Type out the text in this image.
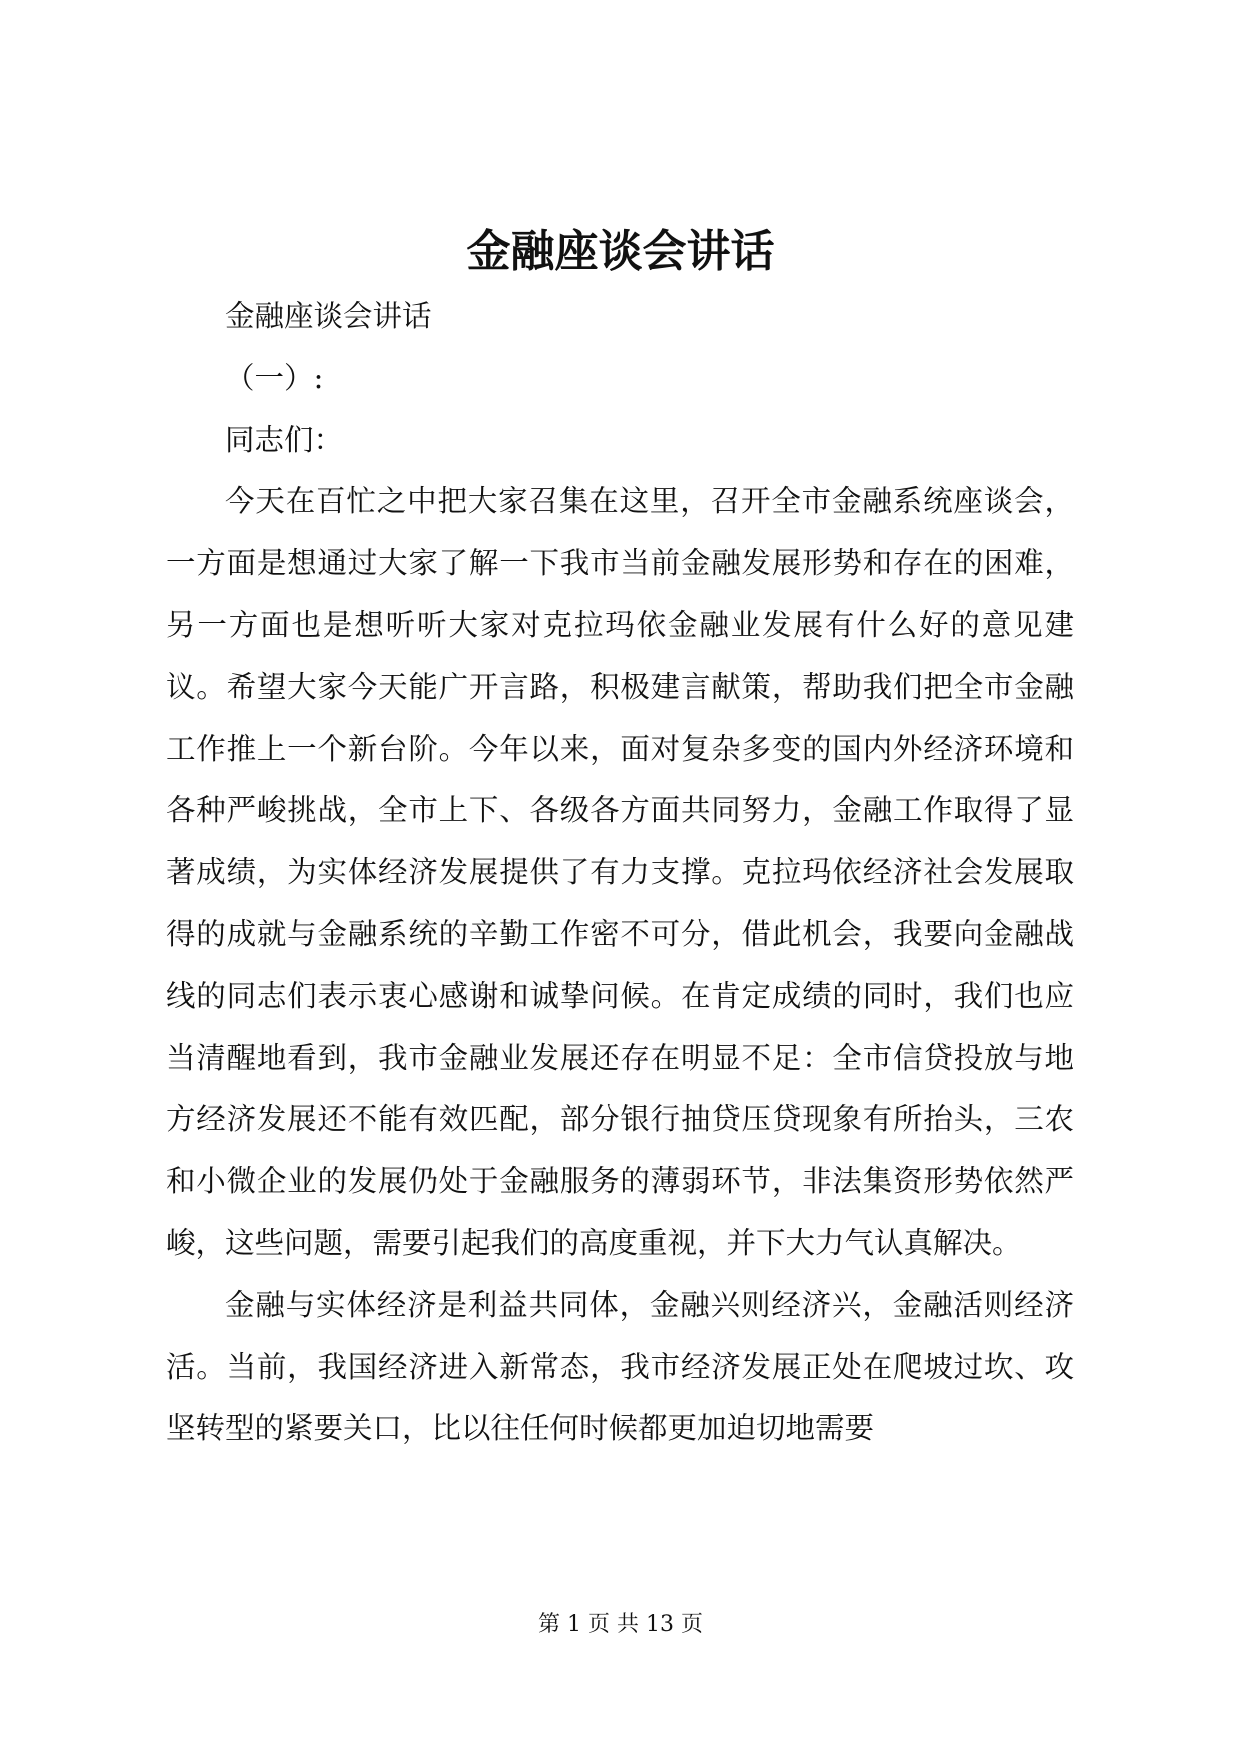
金融座谈会讲话

金融座谈会讲话

（一）:

同志们：

今天在百忙之中把大家召集在这里，召开全市金融系统座谈会，一方面是想通过大家了解一下我市当前金融发展形势和存在的困难，另一方面也是想听听大家对克拉玛依金融业发展有什么好的意见建议。希望大家今天能广开言路，积极建言献策，帮助我们把全市金融工作推上一个新台阶。今年以来，面对复杂多变的国内外经济环境和各种严峻挑战，全市上下、各级各方面共同努力，金融工作取得了显著成绩，为实体经济发展提供了有力支撑。克拉玛依经济社会发展取得的成就与金融系统的辛勤工作密不可分，借此机会，我要向金融战线的同志们表示衷心感谢和诚挚问候。在肯定成绩的同时，我们也应当清醒地看到，我市金融业发展还存在明显不足：全市信贷投放与地方经济发展还不能有效匹配，部分银行抽贷压贷现象有所抬头，三农和小微企业的发展仍处于金融服务的薄弱环节，非法集资形势依然严峻，这些问题，需要引起我们的高度重视，并下大力气认真解决。

金融与实体经济是利益共同体，金融兴则经济兴，金融活则经济活。当前，我国经济进入新常态，我市经济发展正处在爬坡过坎、攻坚转型的紧要关口，比以往任何时候都更加迫切地需要

第 1 页 共 13 页
